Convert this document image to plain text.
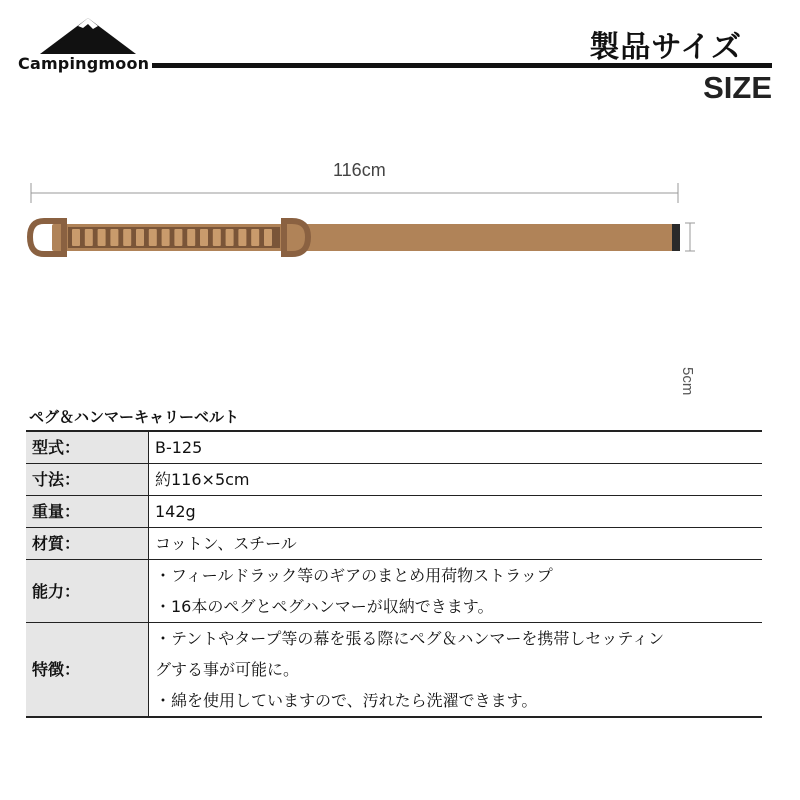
Campingmoon	製品サイズ
SIZE
116cm
5cm
ペグ＆ハンマーキャリーベルト
型式：	B-125

寸法：	約116×5cm

重量：	142g

材質：	コットン、スチール

能力：	・フィールドラック等のギアのまとめ用荷物ストラップ
・16本のペグとペグハンマーが収納できます。

特徴：	・テントやタープ等の幕を張る際にペグ＆ハンマーを携帯しセッティン
グする事が可能に。
・綿を使用していますので、汚れたら洗濯できます。
